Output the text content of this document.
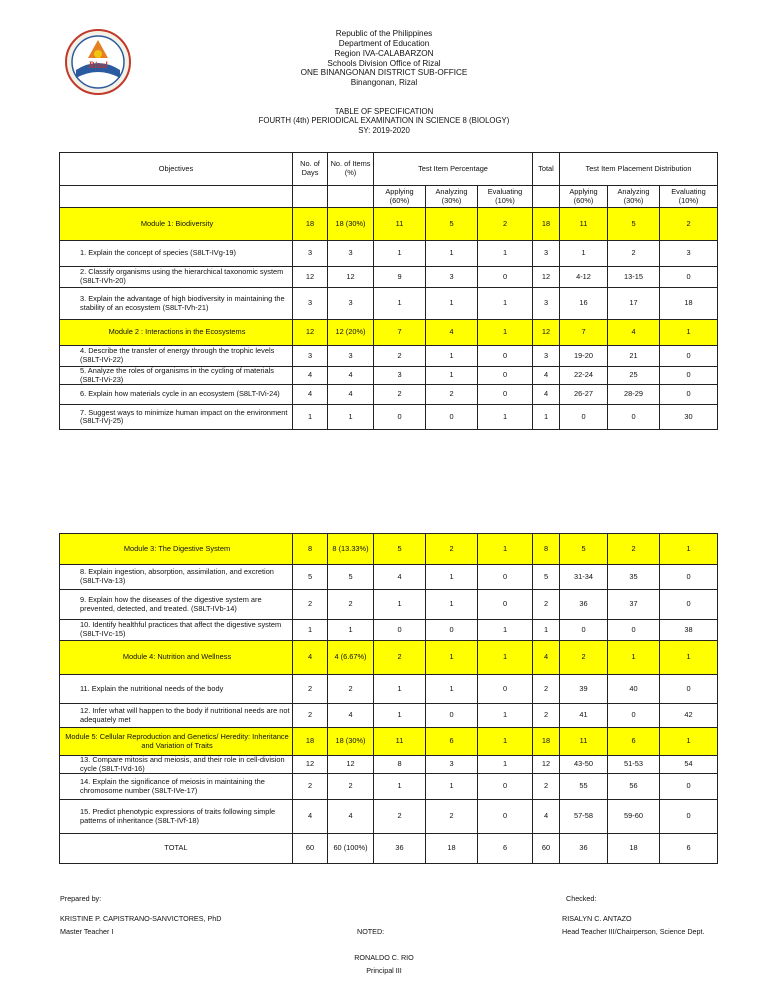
Rizal
Republic of the Philippines
Department of Education
Region IVA-CALABARZON
Schools Division Office of Rizal
ONE BINANGONAN DISTRICT SUB-OFFICE
Binangonan, Rizal
TABLE OF SPECIFICATION
FOURTH (4th) PERIODICAL EXAMINATION IN SCIENCE 8 (BIOLOGY)
SY: 2019-2020
Objectives	No. of Days	No. of Items (%)	Test Item Percentage			Total	Test Item Placement Distribution		
			Applying (60%)	Analyzing (30%)	Evaluating (10%)		Applying (60%)	Analyzing (30%)	Evaluating (10%)
Module 1: Biodiversity	18	18 (30%)	11	5	2	18	11	5	2
1. Explain the concept of species (S8LT-IVg-19)	3	3	1	1	1	3	1	2	3
2. Classify organisms using the hierarchical taxonomic system (S8LT-IVh-20)	12	12	9	3	0	12	4-12	13-15	0
3. Explain the advantage of high biodiversity in maintaining the stability of an ecosystem (S8LT-IVh-21)	3	3	1	1	1	3	16	17	18
Module 2 : Interactions in the Ecosystems	12	12 (20%)	7	4	1	12	7	4	1
4. Describe the transfer of energy through the trophic levels (S8LT-IVi-22)	3	3	2	1	0	3	19-20	21	0
5. Analyze the roles of organisms in the cycling of materials (S8LT-IVi-23)	4	4	3	1	0	4	22-24	25	0
6. Explain how materials cycle in an ecosystem (S8LT-IVi-24)	4	4	2	2	0	4	26-27	28-29	0
7. Suggest ways to minimize human impact on the environment (S8LT-IVj-25)	1	1	0	0	1	1	0	0	30
Module 3: The Digestive System	8	8 (13.33%)	5	2	1	8	5	2	1
8. Explain ingestion, absorption, assimilation, and excretion (S8LT-IVa-13)	5	5	4	1	0	5	31-34	35	0
9. Explain how the diseases of the digestive system are prevented, detected, and treated. (S8LT-IVb-14)	2	2	1	1	0	2	36	37	0
10. Identify healthful practices that affect the digestive system (S8LT-IVc-15)	1	1	0	0	1	1	0	0	38
Module 4: Nutrition and Wellness	4	4 (6.67%)	2	1	1	4	2	1	1
11. Explain the nutritional needs of the body	2	2	1	1	0	2	39	40	0
12. Infer what will happen to the body if nutritional needs are not adequately met	2	4	1	0	1	2	41	0	42
Module 5: Cellular Reproduction and Genetics/ Heredity: Inheritance and Variation of Traits	18	18 (30%)	11	6	1	18	11	6	1
13. Compare mitosis and meiosis, and their role in cell-division cycle (S8LT-IVd-16)	12	12	8	3	1	12	43-50	51-53	54
14. Explain the significance of meiosis in maintaining the chromosome number (S8LT-IVe-17)	2	2	1	1	0	2	55	56	0
15. Predict phenotypic expressions of traits following simple patterns of inheritance (S8LT-IVf-18)	4	4	2	2	0	4	57-58	59-60	0
TOTAL	60	60 (100%)	36	18	6	60	36	18	6
Prepared by:	Checked:
KRISTINE P. CAPISTRANO-SANVICTORES, PhD	RISALYN C. ANTAZO
Master Teacher I	NOTED:	Head Teacher III/Chairperson, Science Dept.
RONALDO C. RIO
Principal III
